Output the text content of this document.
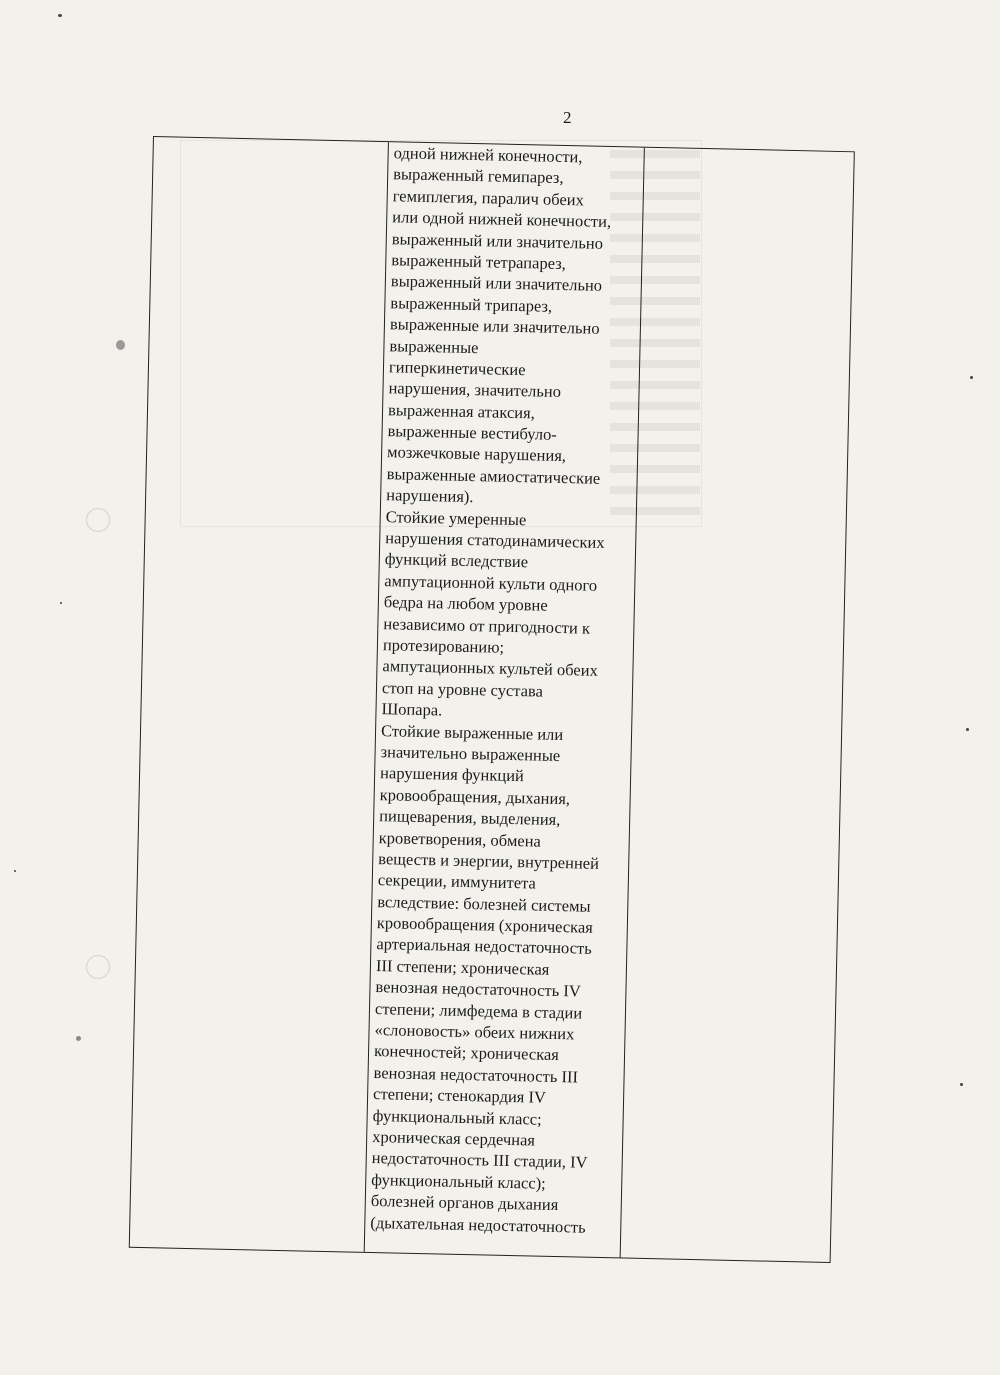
2
одной нижней конечности,
выраженный гемипарез,
гемиплегия, паралич обеих
или одной нижней конечности,
выраженный или значительно
выраженный тетрапарез,
выраженный или значительно
выраженный трипарез,
выраженные или значительно
выраженные
гиперкинетические
нарушения, значительно
выраженная атаксия,
выраженные вестибуло-
мозжечковые нарушения,
выраженные амиостатические
нарушения).
Стойкие умеренные
нарушения статодинамических
функций вследствие
ампутационной культи одного
бедра на любом уровне
независимо от пригодности к
протезированию;
ампутационных культей обеих
стоп на уровне сустава
Шопара.
Стойкие выраженные или
значительно выраженные
нарушения функций
кровообращения, дыхания,
пищеварения, выделения,
кроветворения, обмена
веществ и энергии, внутренней
секреции, иммунитета
вследствие: болезней системы
кровообращения (хроническая
артериальная недостаточность
III степени; хроническая
венозная недостаточность IV
степени; лимфедема в стадии
«слоновость» обеих нижних
конечностей; хроническая
венозная недостаточность III
степени; стенокардия IV
функциональный класс;
хроническая сердечная
недостаточность III стадии, IV
функциональный класс);
болезней органов дыхания
(дыхательная недостаточность
